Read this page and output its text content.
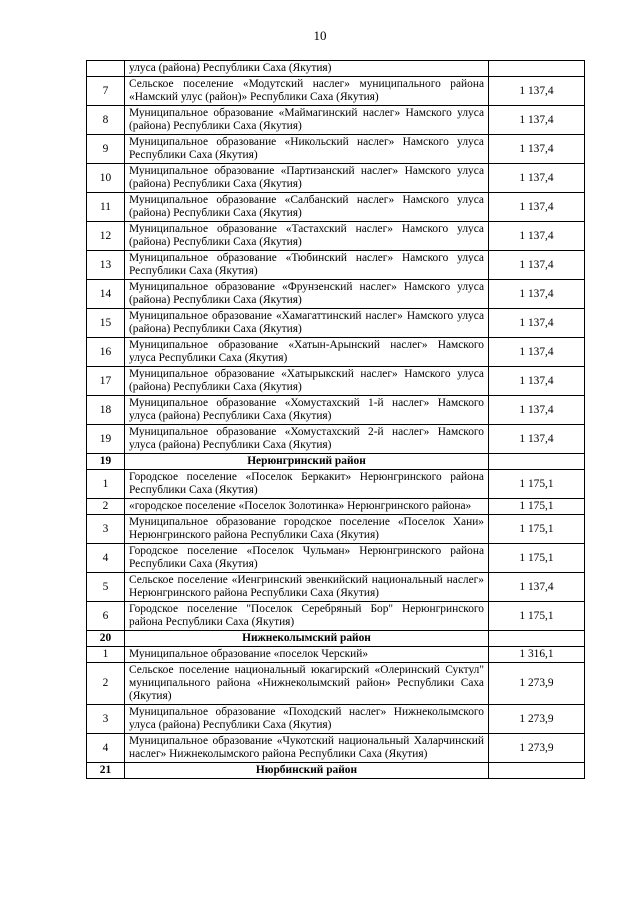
10
	улуса (района) Республики Саха (Якутия)	
7	Сельское поселение «Модутский наслег» муниципального района «Намский улус (район)» Республики Саха (Якутия)	1 137,4
8	Муниципальное образование «Маймагинский наслег» Намского улуса (района) Республики Саха (Якутия)	1 137,4
9	Муниципальное образование «Никольский наслег» Намского улуса Республики Саха (Якутия)	1 137,4
10	Муниципальное образование «Партизанский наслег» Намского улуса (района) Республики Саха (Якутия)	1 137,4
11	Муниципальное образование «Салбанский наслег» Намского улуса (района) Республики Саха (Якутия)	1 137,4
12	Муниципальное образование «Тастахский наслег» Намского улуса (района) Республики Саха (Якутия)	1 137,4
13	Муниципальное образование «Тюбинский наслег» Намского улуса Республики Саха (Якутия)	1 137,4
14	Муниципальное образование «Фрунзенский наслег» Намского улуса (района) Республики Саха (Якутия)	1 137,4
15	Муниципальное образование «Хамагаттинский наслег» Намского улуса (района) Республики Саха (Якутия)	1 137,4
16	Муниципальное образование «Хатын-Арынский наслег» Намского улуса Республики Саха (Якутия)	1 137,4
17	Муниципальное образование «Хатырыкский наслег» Намского улуса (района) Республики Саха (Якутия)	1 137,4
18	Муниципальное образование «Хомустахский 1-й наслег» Намского улуса (района) Республики Саха (Якутия)	1 137,4
19	Муниципальное образование «Хомустахский 2-й наслег» Намского улуса (района) Республики Саха (Якутия)	1 137,4
19	Нерюнгринский район	
1	Городское поселение «Поселок Беркакит» Нерюнгринского района Республики Саха (Якутия)	1 175,1
2	«городское поселение «Поселок Золотинка» Нерюнгринского района»	1 175,1
3	Муниципальное образование городское поселение «Поселок Хани» Нерюнгринского района Республики Саха (Якутия)	1 175,1
4	Городское поселение «Поселок Чульман» Нерюнгринского района Республики Саха (Якутия)	1 175,1
5	Сельское поселение «Иенгринский эвенкийский национальный наслег» Нерюнгринского района Республики Саха (Якутия)	1 137,4
6	Городское поселение "Поселок Серебряный Бор" Нерюнгринского района Республики Саха (Якутия)	1 175,1
20	Нижнеколымский район	
1	Муниципальное образование «поселок Черский»	1 316,1
2	Сельское поселение национальный юкагирский «Олеринский Суктул" муниципального района «Нижнеколымский район» Республики Саха (Якутия)	1 273,9
3	Муниципальное образование «Походский наслег» Нижнеколымского улуса (района) Республики Саха (Якутия)	1 273,9
4	Муниципальное образование «Чукотский национальный Халарчинский наслег» Нижнеколымского района Республики Саха (Якутия)	1 273,9
21	Нюрбинский район	
